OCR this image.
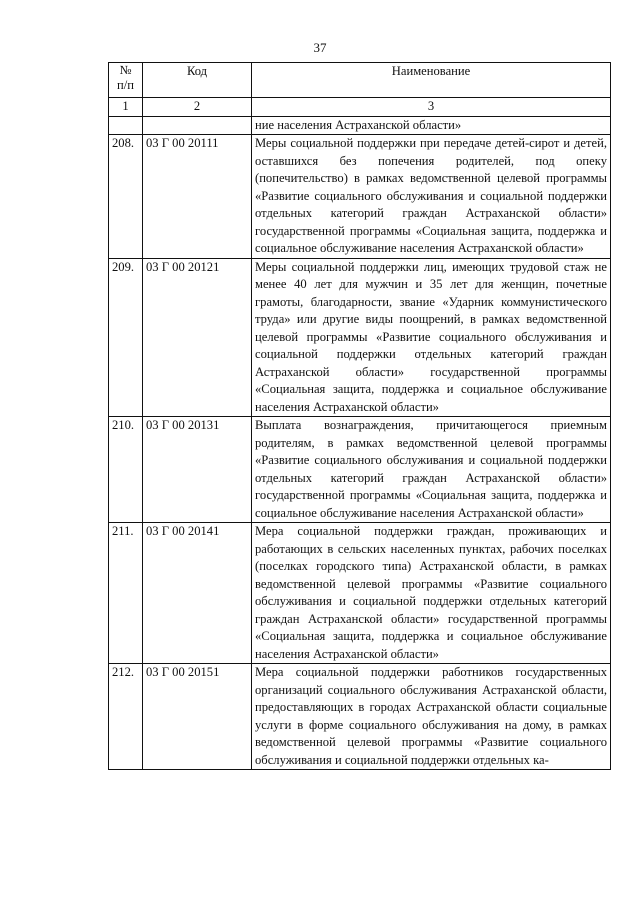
37
№
п/п	Код	Наименование
1	2	3
		ние населения Астраханской области»
208.	03 Г 00 20111	Меры социальной поддержки при передаче детей-сирот и детей, оставшихся без попечения родителей, под опеку (попечительство) в рамках ведомственной целевой программы «Развитие социального обслуживания и социальной поддержки отдельных категорий граждан Астраханской области» государственной программы «Социальная защита, поддержка и социальное обслуживание населения Астраханской области»
209.	03 Г 00 20121	Меры социальной поддержки лиц, имеющих трудовой стаж не менее 40 лет для мужчин и 35 лет для женщин, почетные грамоты, благодарности, звание «Ударник коммунистического труда» или другие виды поощрений, в рамках ведомственной целевой программы «Развитие социального обслуживания и социальной поддержки отдельных категорий граждан Астраханской области» государственной программы «Социальная защита, поддержка и социальное обслуживание населения Астраханской области»
210.	03 Г 00 20131	Выплата вознаграждения, причитающегося приемным родителям, в рамках ведомственной целевой программы «Развитие социального обслуживания и социальной поддержки отдельных категорий граждан Астраханской области» государственной программы «Социальная защита, поддержка и социальное обслуживание населения Астраханской области»
211.	03 Г 00 20141	Мера социальной поддержки граждан, проживающих и работающих в сельских населенных пунктах, рабочих поселках (поселках городского типа) Астраханской области, в рамках ведомственной целевой программы «Развитие социального обслуживания и социальной поддержки отдельных категорий граждан Астраханской области» государственной программы «Социальная защита, поддержка и социальное обслуживание населения Астраханской области»
212.	03 Г 00 20151	Мера социальной поддержки работников государственных организаций социального обслуживания Астраханской области, предоставляющих в городах Астраханской области социальные услуги в форме социального обслуживания на дому, в рамках ведомственной целевой программы «Развитие социального обслуживания и социальной поддержки отдельных ка-
